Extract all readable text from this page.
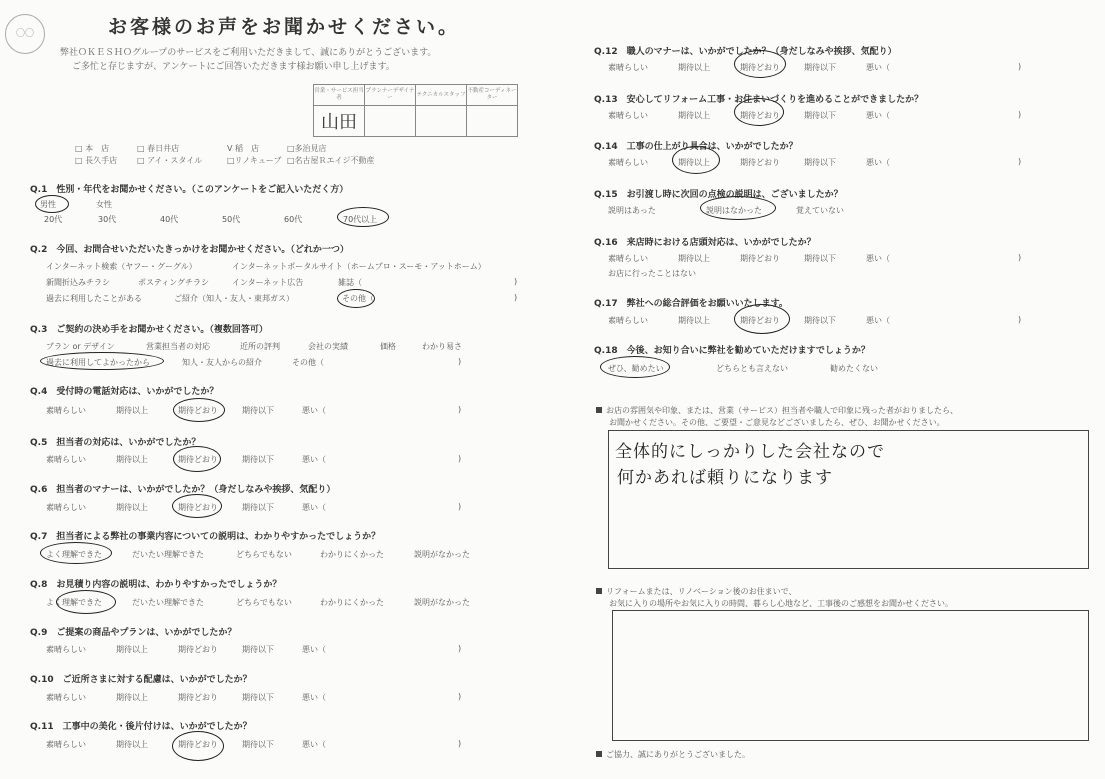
〇〇	お客様のお声をお聞かせください。
弊社ＯＫＥＳＨＯグループのサービスをご利用いただきまして、誠にありがとうございます。
ご多忙と存じますが、アンケートにご回答いただきます様お願い申し上げます。
営業・サービス担当者	プランナーデザイナー	テクニカルスタッフ	不動産コーディネーター
山田			
□ 本　店	□ 春日井店	V 稲　店	□多治見店
□ 長久手店 □ アイ・スタイル	□リノキューブ □名古屋Ｒエイジ不動産
Q.1　性別・年代をお聞かせください。（このアンケートをご記入いただく方）
男性	女性
20代	30代	40代	50代	60代	70代以上
Q.2　今回、お問合せいただいたきっかけをお聞かせください。（どれか一つ）
インターネット検索（ヤフー・グーグル）	インターネットポータルサイト（ホームプロ・スーモ・アットホーム）
新聞折込みチラシ	ポスティングチラシ	インターネット広告	雑誌（	)
過去に利用したことがある	ご紹介（知人・友人・東邦ガス）	その他（	)
Q.3　ご契約の決め手をお聞かせください。（複数回答可）
プラン or デザイン	営業担当者の対応	近所の評判	会社の実績	価格	わかり易さ
過去に利用してよかったから	知人・友人からの紹介	その他（	)
Q.4　受付時の電話対応は、いかがでしたか？
素晴らしい	期待以上	期待どおり	期待以下	悪い（	)
Q.5　担当者の対応は、いかがでしたか？
素晴らしい	期待以上	期待どおり	期待以下	悪い（	)
Q.6　担当者のマナーは、いかがでしたか？（身だしなみや挨拶、気配り）
素晴らしい	期待以上	期待どおり	期待以下	悪い（	)
Q.7　担当者による弊社の事業内容についての説明は、わかりやすかったでしょうか？
よく理解できた	だいたい理解できた	どちらでもない	わかりにくかった	説明がなかった
Q.8　お見積り内容の説明は、わかりやすかったでしょうか？
よく理解できた	だいたい理解できた	どちらでもない	わかりにくかった	説明がなかった
Q.9　ご提案の商品やプランは、いかがでしたか？
素晴らしい	期待以上	期待どおり	期待以下	悪い（	)
Q.10　ご近所さまに対する配慮は、いかがでしたか？
素晴らしい	期待以上	期待どおり	期待以下	悪い（	)
Q.11　工事中の美化・後片付けは、いかがでしたか？
素晴らしい	期待以上	期待どおり	期待以下	悪い（	)
Q.12　職人のマナーは、いかがでしたか？（身だしなみや挨拶、気配り）
素晴らしい	期待以上	期待どおり	期待以下	悪い（	)
Q.13　安心してリフォーム工事・お住まいづくりを進めることができましたか？
素晴らしい	期待以上	期待どおり	期待以下	悪い（	)
Q.14　工事の仕上がり具合は、いかがでしたか？
素晴らしい	期待以上	期待どおり	期待以下	悪い（	)
Q.15　お引渡し時に次回の点検の説明は、ございましたか？
説明はあった	説明はなかった	覚えていない
Q.16　来店時における店頭対応は、いかがでしたか？
素晴らしい	期待以上	期待どおり	期待以下	悪い（	)
お店に行ったことはない
Q.17　弊社への総合評価をお願いいたします。
素晴らしい	期待以上	期待どおり	期待以下	悪い（	)
Q.18　今後、お知り合いに弊社を勧めていただけますでしょうか？
ぜひ、勧めたい	どちらとも言えない	勧めたくない
お店の雰囲気や印象、または、営業（サービス）担当者や職人で印象に残った者がおりましたら、
お聞かせください。その他、ご要望・ご意見などございましたら、ぜひ、お聞かせください。
全体的にしっかりした会社なので
何かあれば頼りになります
リフォームまたは、リノベーション後のお住まいで、
お気に入りの場所やお気に入りの時間、暮らし心地など、工事後のご感想をお聞かせください。
ご協力、誠にありがとうございました。
